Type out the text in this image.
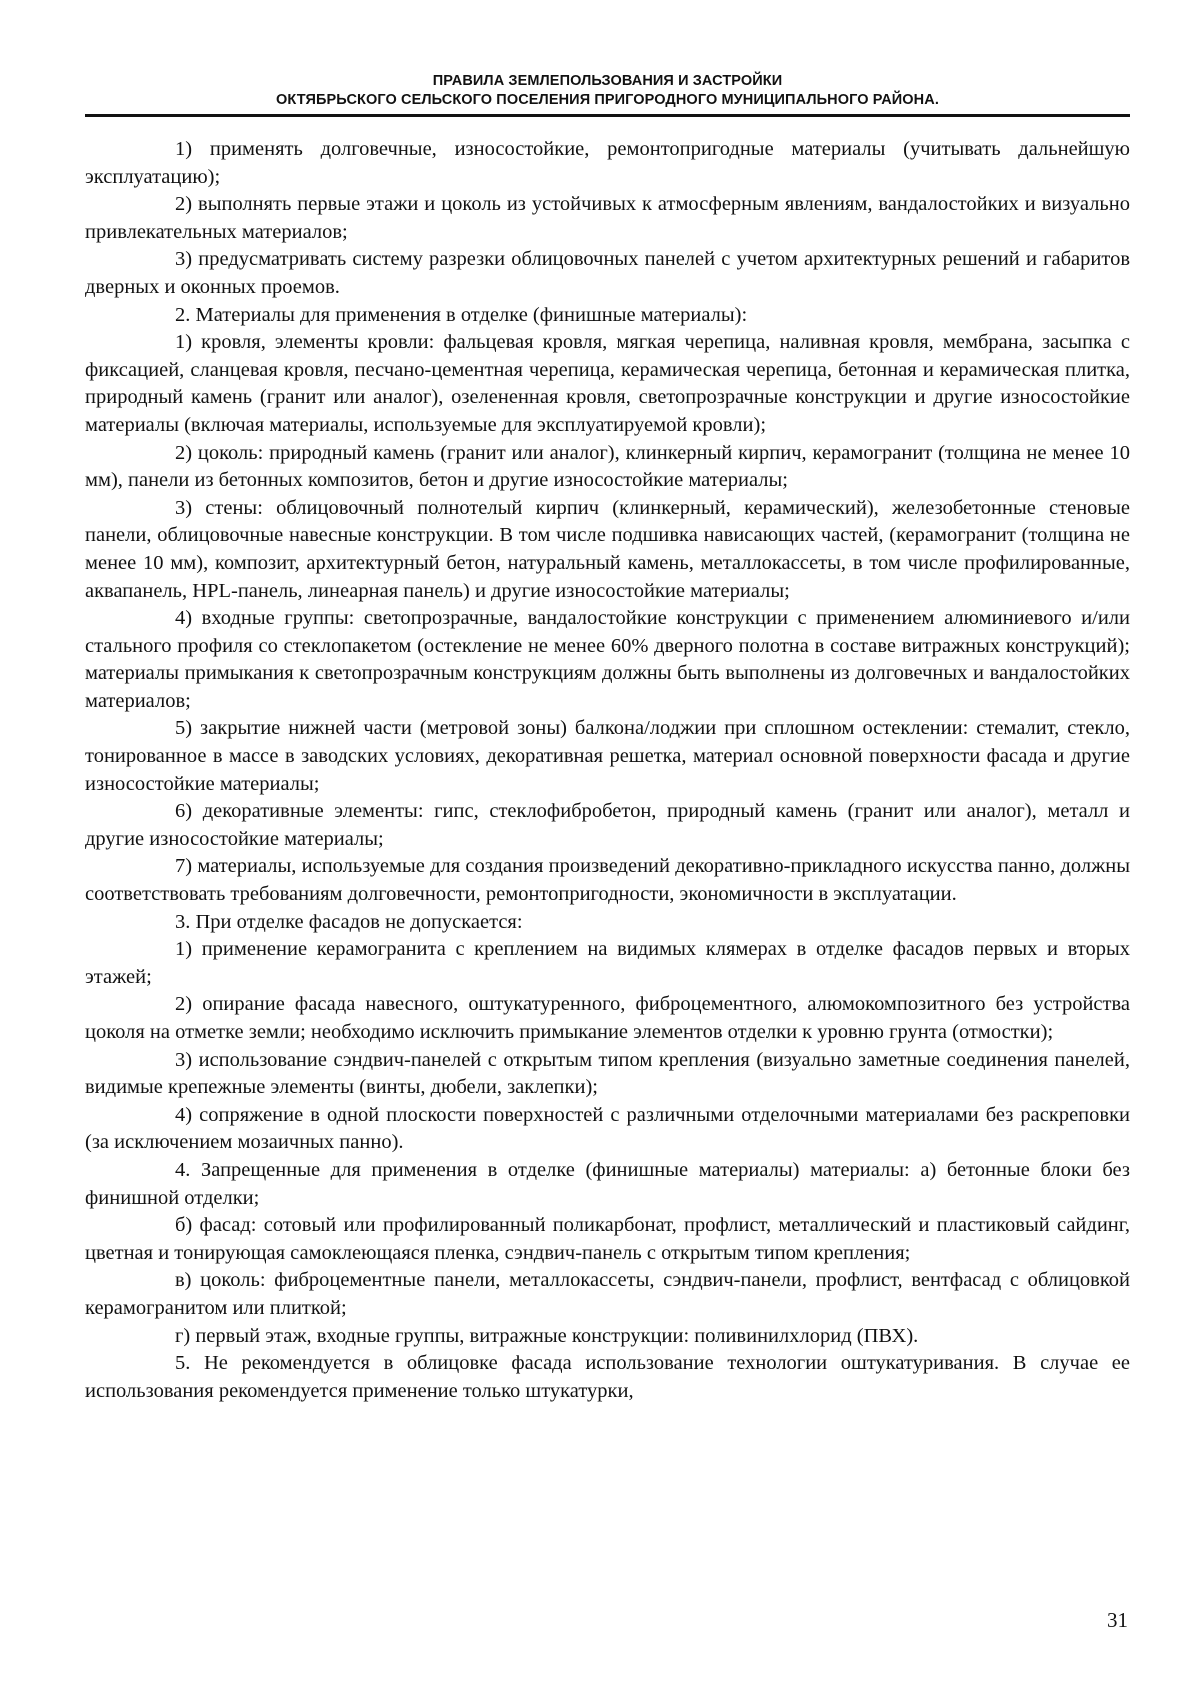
ПРАВИЛА ЗЕМЛЕПОЛЬЗОВАНИЯ И ЗАСТРОЙКИ
ОКТЯБРЬСКОГО СЕЛЬСКОГО ПОСЕЛЕНИЯ ПРИГОРОДНОГО МУНИЦИПАЛЬНОГО РАЙОНА.

1) применять долговечные, износостойкие, ремонтопригодные материалы (учитывать дальнейшую эксплуатацию);

2) выполнять первые этажи и цоколь из устойчивых к атмосферным явлениям, вандалостойких и визуально привлекательных материалов;

3) предусматривать систему разрезки облицовочных панелей с учетом архитектурных решений и габаритов дверных и оконных проемов.

2. Материалы для применения в отделке (финишные материалы):

1) кровля, элементы кровли: фальцевая кровля, мягкая черепица, наливная кровля, мембрана, засыпка с фиксацией, сланцевая кровля, песчано-цементная черепица, керамическая черепица, бетонная и керамическая плитка, природный камень (гранит или аналог), озелененная кровля, светопрозрачные конструкции и другие износостойкие материалы (включая материалы, используемые для эксплуатируемой кровли);

2) цоколь: природный камень (гранит или аналог), клинкерный кирпич, керамогранит (толщина не менее 10 мм), панели из бетонных композитов, бетон и другие износостойкие материалы;

3) стены: облицовочный полнотелый кирпич (клинкерный, керамический), железобетонные стеновые панели, облицовочные навесные конструкции. В том числе подшивка нависающих частей, (керамогранит (толщина не менее 10 мм), композит, архитектурный бетон, натуральный камень, металлокассеты, в том числе профилированные, аквапанель, HPL-панель, линеарная панель) и другие износостойкие материалы;

4) входные группы: светопрозрачные, вандалостойкие конструкции с применением алюминиевого и/или стального профиля со стеклопакетом (остекление не менее 60% дверного полотна в составе витражных конструкций); материалы примыкания к светопрозрачным конструкциям должны быть выполнены из долговечных и вандалостойких материалов;

5) закрытие нижней части (метровой зоны) балкона/лоджии при сплошном остеклении: стемалит, стекло, тонированное в массе в заводских условиях, декоративная решетка, материал основной поверхности фасада и другие износостойкие материалы;

6) декоративные элементы: гипс, стеклофибробетон, природный камень (гранит или аналог), металл и другие износостойкие материалы;

7) материалы, используемые для создания произведений декоративно-прикладного искусства панно, должны соответствовать требованиям долговечности, ремонтопригодности, экономичности в эксплуатации.

3. При отделке фасадов не допускается:

1) применение керамогранита с креплением на видимых клямерах в отделке фасадов первых и вторых этажей;

2) опирание фасада навесного, оштукатуренного, фиброцементного, алюмокомпозитного без устройства цоколя на отметке земли; необходимо исключить примыкание элементов отделки к уровню грунта (отмостки);

3) использование сэндвич-панелей с открытым типом крепления (визуально заметные соединения панелей, видимые крепежные элементы (винты, дюбели, заклепки);

4) сопряжение в одной плоскости поверхностей с различными отделочными материалами без раскреповки (за исключением мозаичных панно).

4. Запрещенные для применения в отделке (финишные материалы) материалы: а) бетонные блоки без финишной отделки;

б) фасад: сотовый или профилированный поликарбонат, профлист, металлический и пластиковый сайдинг, цветная и тонирующая самоклеющаяся пленка, сэндвич-панель с открытым типом крепления;

в) цоколь: фиброцементные панели, металлокассеты, сэндвич-панели, профлист, вентфасад с облицовкой керамогранитом или плиткой;

г) первый этаж, входные группы, витражные конструкции: поливинилхлорид (ПВХ).

5. Не рекомендуется в облицовке фасада использование технологии оштукатуривания. В случае ее использования рекомендуется применение только штукатурки,

31
